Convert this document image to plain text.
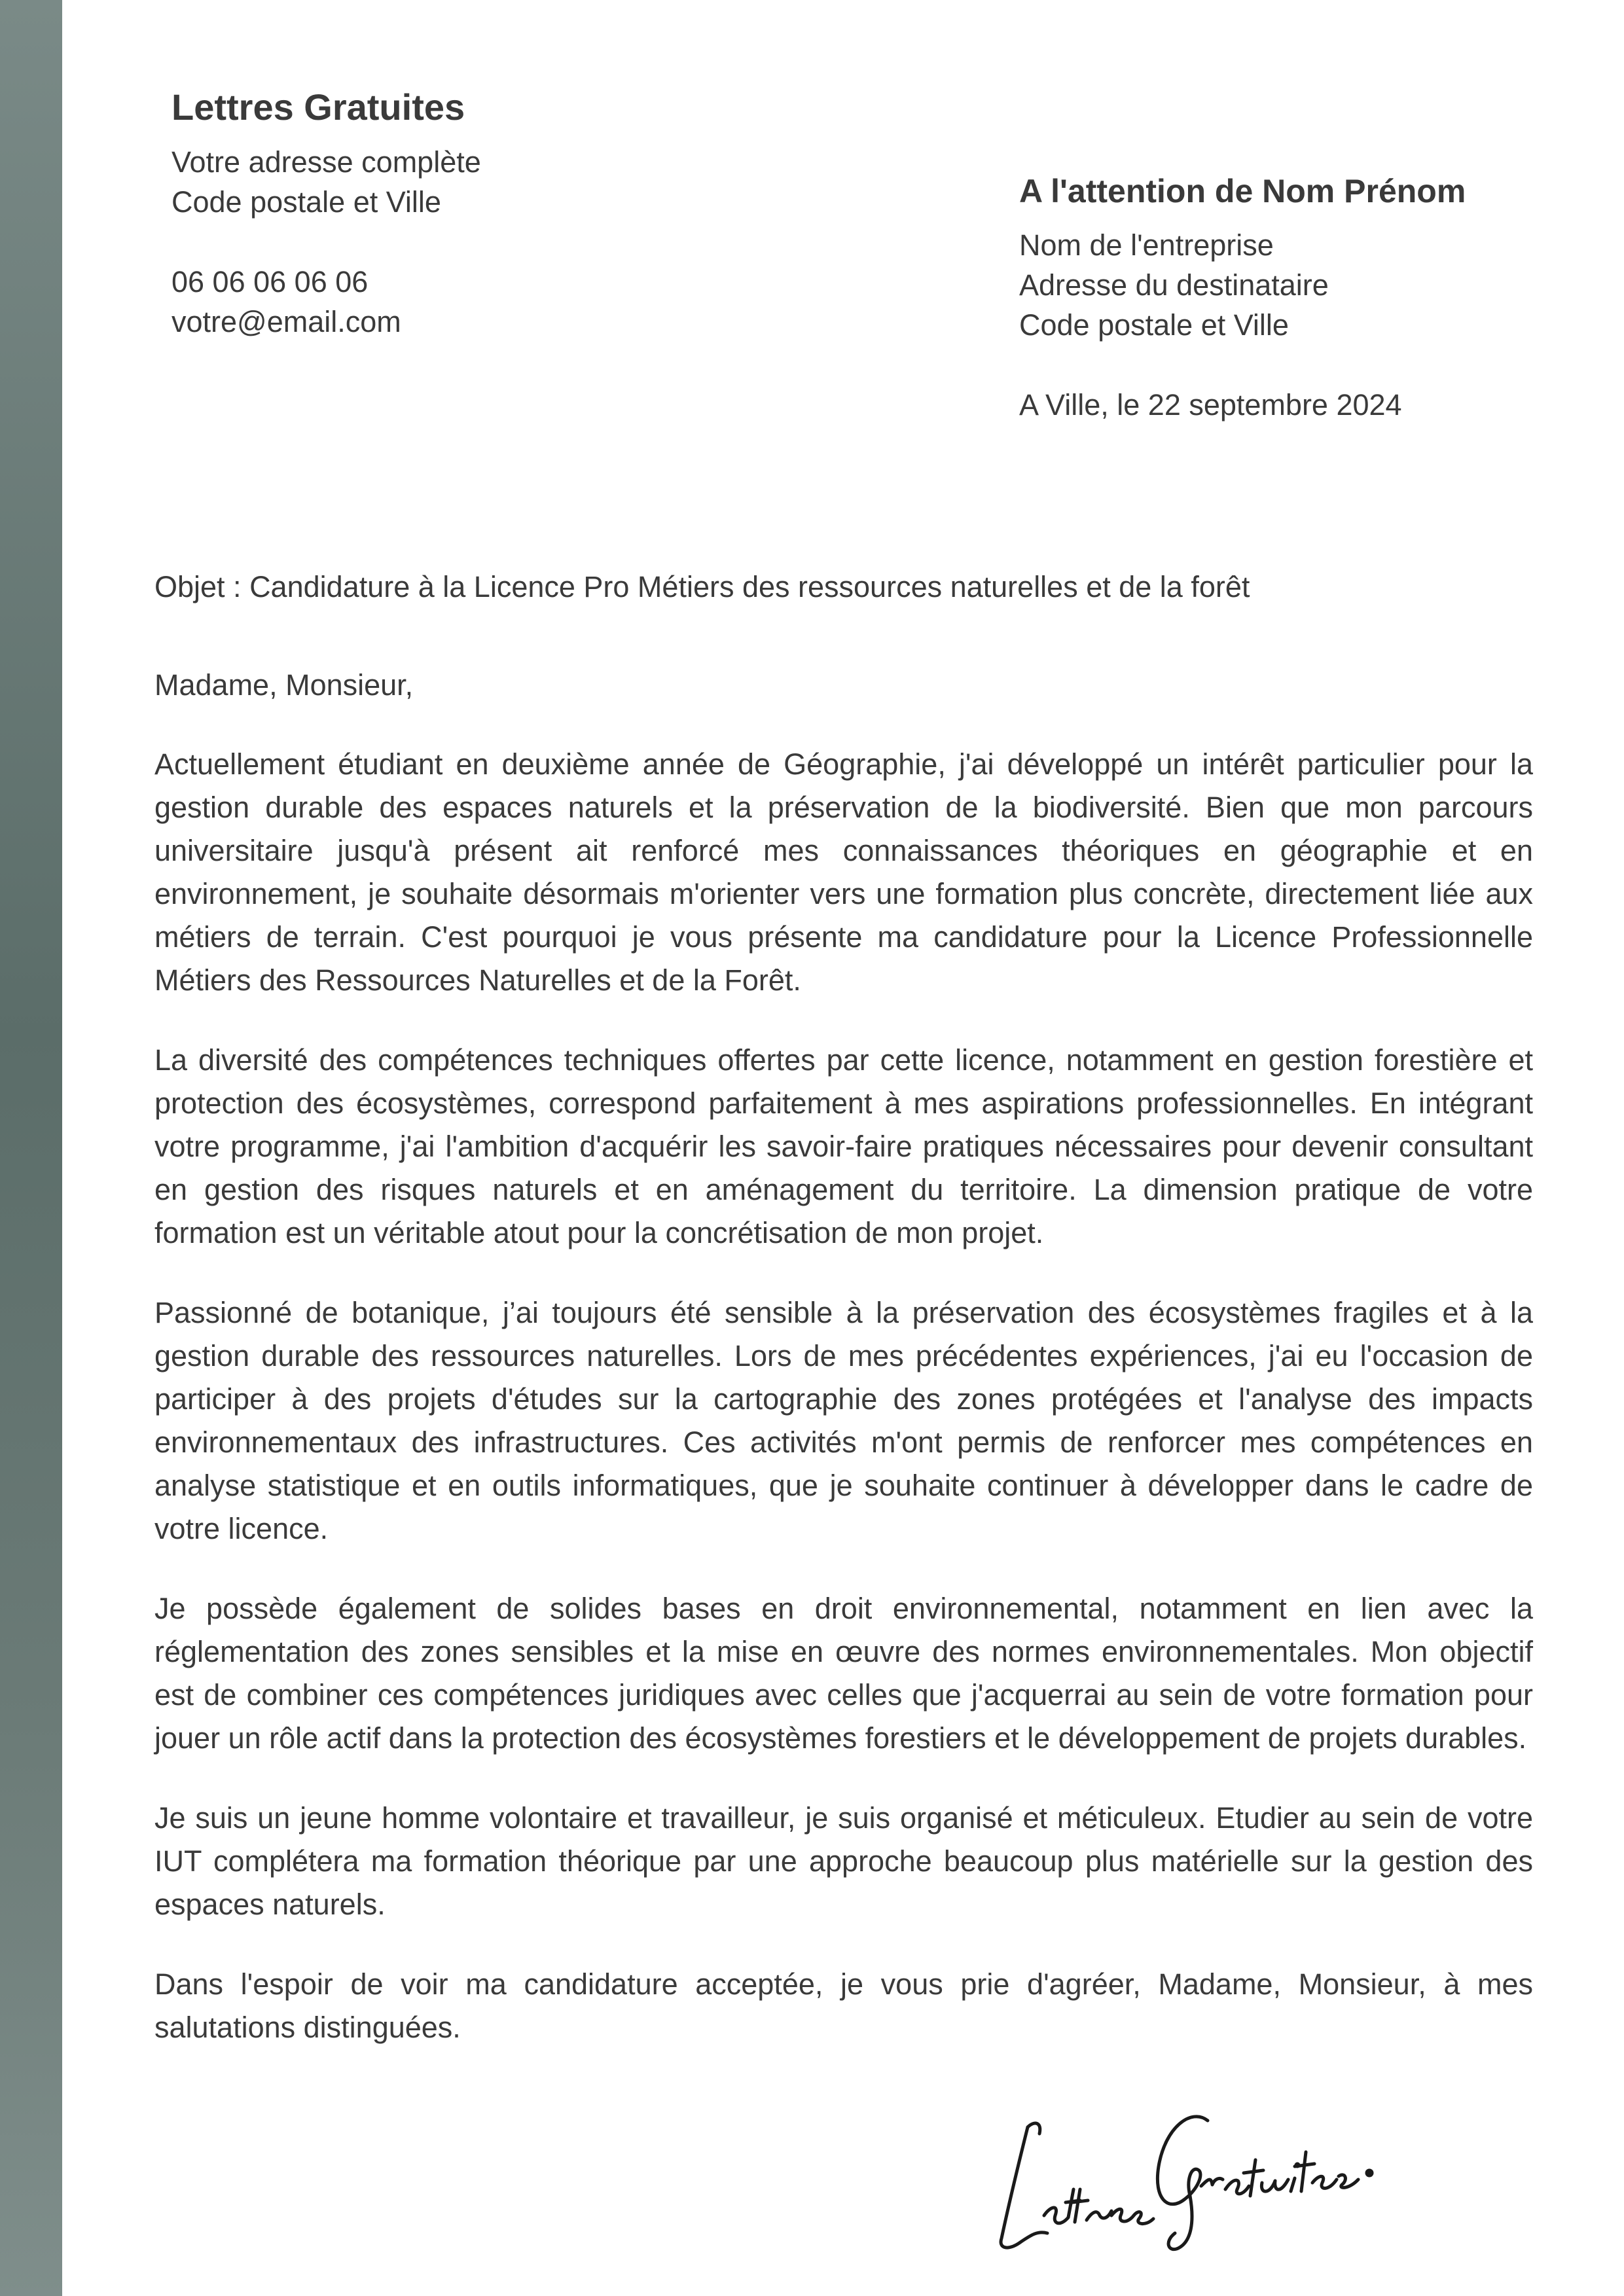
Lettres Gratuites
Votre adresse complète
Code postale et Ville
06 06 06 06 06
votre@email.com
A l'attention de Nom Prénom
Nom de l'entreprise
Adresse du destinataire
Code postale et Ville
A Ville, le 22 septembre 2024
Objet : Candidature à la Licence Pro Métiers des ressources naturelles et de la forêt
Madame, Monsieur,

Actuellement étudiant en deuxième année de Géographie, j'ai développé un intérêt particulier pour la gestion durable des espaces naturels et la préservation de la biodiversité. Bien que mon parcours universitaire jusqu'à présent ait renforcé mes connaissances théoriques en géographie et en environnement, je souhaite désormais m'orienter vers une formation plus concrète, directement liée aux métiers de terrain. C'est pourquoi je vous présente ma candidature pour la Licence Professionnelle Métiers des Ressources Naturelles et de la Forêt.

La diversité des compétences techniques offertes par cette licence, notamment en gestion forestière et protection des écosystèmes, correspond parfaitement à mes aspirations professionnelles. En intégrant votre programme, j'ai l'ambition d'acquérir les savoir-faire pratiques nécessaires pour devenir consultant en gestion des risques naturels et en aménagement du territoire. La dimension pratique de votre formation est un véritable atout pour la concrétisation de mon projet.

Passionné de botanique, j’ai toujours été sensible à la préservation des écosystèmes fragiles et à la gestion durable des ressources naturelles. Lors de mes précédentes expériences, j'ai eu l'occasion de participer à des projets d'études sur la cartographie des zones protégées et l'analyse des impacts environnementaux des infrastructures. Ces activités m'ont permis de renforcer mes compétences en analyse statistique et en outils informatiques, que je souhaite continuer à développer dans le cadre de votre licence.

Je possède également de solides bases en droit environnemental, notamment en lien avec la réglementation des zones sensibles et la mise en œuvre des normes environnementales. Mon objectif est de combiner ces compétences juridiques avec celles que j'acquerrai au sein de votre formation pour jouer un rôle actif dans la protection des écosystèmes forestiers et le développement de projets durables.

Je suis un jeune homme volontaire et travailleur, je suis organisé et méticuleux. Etudier au sein de votre IUT complétera ma formation théorique par une approche beaucoup plus matérielle sur la gestion des espaces naturels.

Dans l'espoir de voir ma candidature acceptée, je vous prie d'agréer, Madame, Monsieur, à mes salutations distinguées.
